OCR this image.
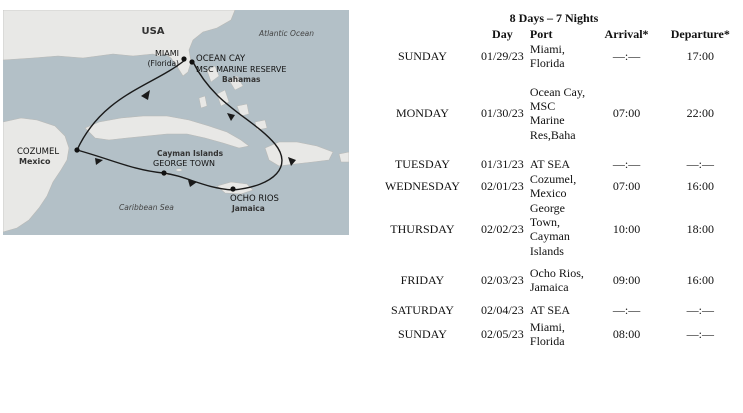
USA	Atlantic Ocean
MIAMI
(Florida) OCEAN CAY
MSC MARINE RESERVE
Bahamas
COZUMEL
Mexico
Cayman Islands
GEORGE TOWN
OCHO RIOS
Jamaica
Caribbean Sea
8 Days – 7 Nights				
	Day	Port	Arrival*	Departure*
SUNDAY	01/29/23	Miami, Florida	—:—	17:00
MONDAY	01/30/23	Ocean Cay, MSC Marine Res,Baha	07:00	22:00
TUESDAY	01/31/23	AT SEA	—:—	—:—
WEDNESDAY	02/01/23	Cozumel, Mexico	07:00	16:00
THURSDAY	02/02/23	George Town, Cayman Islands	10:00	18:00
FRIDAY	02/03/23	Ocho Rios, Jamaica	09:00	16:00
SATURDAY	02/04/23	AT SEA	—:—	—:—
SUNDAY	02/05/23	Miami, Florida	08:00	—:—
